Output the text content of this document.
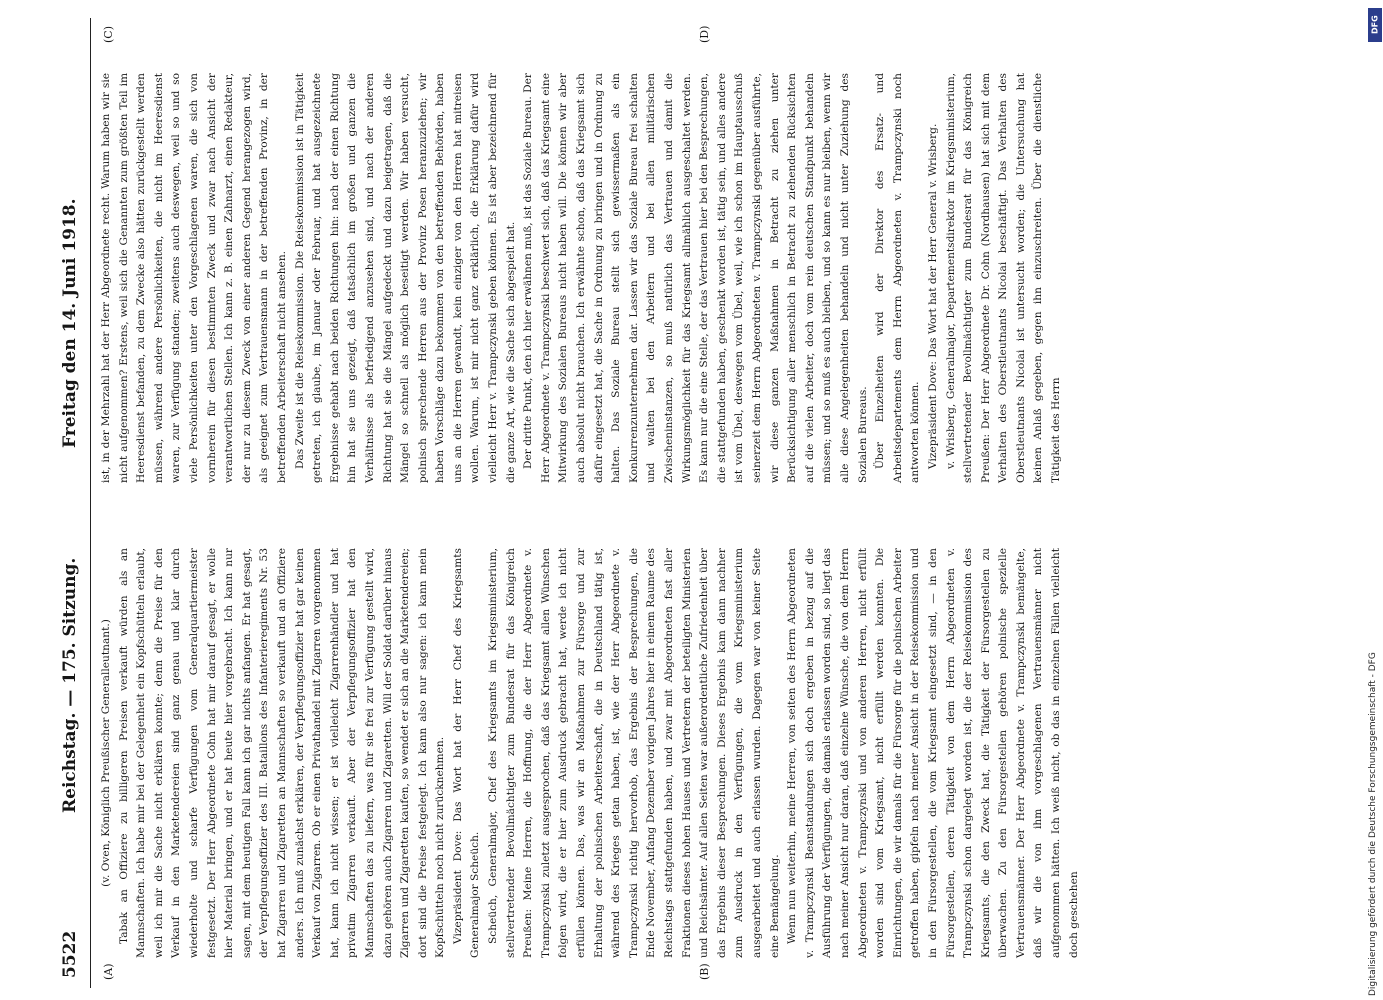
5522
Reichstag. — 175. Sitzung.
Freitag den 14. Juni 1918.
(A)	(B)
(C)	(D)

(v. Oven, Königlich Preußischer Generalleutnant.) Tabak an Offiziere zu billigeren Preisen verkauft würden als an Mannschaften. Ich habe mir bei der Gelegenheit ein Kopfschütteln erlaubt, weil ich mir die Sache nicht erklären konnte; denn die Preise für den Verkauf in den Marketendereien sind ganz genau und klar durch wiederholte und scharfe Verfügungen vom Generalquartiermeister festgesetzt. Der Herr Abgeordnete Cohn hat mir darauf gesagt, er wolle hier Material bringen, und er hat heute hier vorgebracht. Ich kann nur sagen, mit dem heutigen Fall kann ich gar nichts anfangen. Er hat gesagt, der Verpflegungsoffizier des III. Bataillons des Infanterieregiments Nr. 53 hat Zigarren und Zigaretten an Mannschaften so verkauft und an Offiziere anders. Ich muß zunächst erklären, der Verpflegungsoffizier hat gar keinen Verkauf von Zigarren. Ob er einen Privathandel mit Zigarren vorgenommen hat, kann ich nicht wissen; er ist vielleicht Zigarrenhändler und hat privatim Zigarren verkauft. Aber der Verpflegungsoffizier hat den Mannschaften das zu liefern, was für sie frei zur Verfügung gestellt wird, dazu gehören auch Zigarren und Zigaretten. Will der Soldat darüber hinaus Zigarren und Zigaretten kaufen, so wendet er sich an die Marketendereien; dort sind die Preise festgelegt. Ich kann also nur sagen: ich kann mein Kopfschütteln noch nicht zurücknehmen. Vizepräsident Dove: Das Wort hat der Herr Chef des Kriegsamts Generalmajor Scheüch. Scheüch, Generalmajor, Chef des Kriegsamts im Kriegsministerium, stellvertretender Bevollmächtigter zum Bundesrat für das Königreich Preußen: Meine Herren, die Hoffnung, die der Herr Abgeordnete v. Trampczynski zuletzt ausgesprochen, daß das Kriegsamt allen Wünschen folgen wird, die er hier zum Ausdruck gebracht hat, werde ich nicht erfüllen können. Das, was wir an Maßnahmen zur Fürsorge und zur Erhaltung der polnischen Arbeiterschaft, die in Deutschland tätig ist, während des Krieges getan haben, ist, wie der Herr Abgeordnete v. Trampczynski richtig hervorhob, das Ergebnis der Besprechungen, die Ende November, Anfang Dezember vorigen Jahres hier in einem Raume des Reichstags stattgefunden haben, und zwar mit Abgeordneten fast aller Fraktionen dieses hohen Hauses und Vertretern der beteiligten Ministerien und Reichsämter. Auf allen Seiten war außerordentliche Zufriedenheit über das Ergebnis dieser Besprechungen. Dieses Ergebnis kam dann nachher zum Ausdruck in den Verfügungen, die vom Kriegsministerium ausgearbeitet und auch erlassen wurden. Dagegen war von keiner Seite eine Bemängelung. Wenn nun weiterhin, meine Herren, von seiten des Herrn Abgeordneten v. Trampczynski Beanstandungen sich doch ergeben in bezug auf die Ausführung der Verfügungen, die damals erlassen worden sind, so liegt das nach meiner Ansicht nur daran, daß einzelne Wünsche, die von dem Herrn Abgeordneten v. Trampczynski und von anderen Herren, nicht erfüllt worden sind vom Kriegsamt, nicht erfüllt werden konnten. Die Einrichtungen, die wir damals für die Fürsorge für die polnischen Arbeiter getroffen haben, gipfeln nach meiner Ansicht in der Reisekommission und in den Fürsorgestellen, die vom Kriegsamt eingesetzt sind, — in den Fürsorgestellen, deren Tätigkeit von dem Herrn Abgeordneten v. Trampczynski schon dargelegt worden ist, die der Reisekommission des Kriegsamts, die den Zweck hat, die Tätigkeit der Fürsorgestellen zu überwachen. Zu den Fürsorgestellen gehören polnische spezielle Vertrauensmänner. Der Herr Abgeordnete v. Trampczynski bemängelte, daß wir die von ihm vorgeschlagenen Vertrauensmänner nicht aufgenommen hätten. Ich weiß nicht, ob das in einzelnen Fällen vielleicht doch geschehen

ist, in der Mehrzahl hat der Herr Abgeordnete recht. Warum haben wir sie nicht aufgenommen? Erstens, weil sich die Genannten zum größten Teil im Heeresdienst befanden, zu dem Zwecke also hätten zurückgestellt werden müssen, während andere Persönlichkeiten, die nicht im Heeresdienst waren, zur Verfügung standen; zweitens auch deswegen, weil so und so viele Persönlichkeiten unter den Vorgeschlagenen waren, die sich von vornherein für diesen bestimmten Zweck und zwar nach Ansicht der verantwortlichen Stellen. Ich kann z. B. einen Zahnarzt, einen Redakteur, der nur zu diesem Zweck von einer anderen Gegend herangezogen wird, als geeignet zum Vertrauensmann in der betreffenden Provinz, in der betreffenden Arbeiterschaft nicht ansehen. Das Zweite ist die Reisekommission. Die Reisekommission ist in Tätigkeit getreten, ich glaube, im Januar oder Februar, und hat ausgezeichnete Ergebnisse gehabt nach beiden Richtungen hin: nach der einen Richtung hin hat sie uns gezeigt, daß tatsächlich im großen und ganzen die Verhältnisse als befriedigend anzusehen sind, und nach der anderen Richtung hat sie die Mängel aufgedeckt und dazu beigetragen, daß die Mängel so schnell als möglich beseitigt werden. Wir haben versucht, polnisch sprechende Herren aus der Provinz Posen heranzuziehen; wir haben Vorschläge dazu bekommen von den betreffenden Behörden, haben uns an die Herren gewandt, kein einziger von den Herren hat mitreisen wollen. Warum, ist mir nicht ganz erklärlich, die Erklärung dafür wird vielleicht Herr v. Trampczynski geben können. Es ist aber bezeichnend für die ganze Art, wie die Sache sich abgespielt hat. Der dritte Punkt, den ich hier erwähnen muß, ist das Soziale Bureau. Der Herr Abgeordnete v. Trampczynski beschwert sich, daß das Kriegsamt eine Mitwirkung des Sozialen Bureaus nicht haben will. Die können wir aber auch absolut nicht brauchen. Ich erwähnte schon, daß das Kriegsamt sich dafür eingesetzt hat, die Sache in Ordnung zu bringen und in Ordnung zu halten. Das Soziale Bureau stellt sich gewissermaßen als ein Konkurrenzunternehmen dar. Lassen wir das Soziale Bureau frei schalten und walten bei den Arbeitern und bei allen militärischen Zwischeninstanzen, so muß natürlich das Vertrauen und damit die Wirkungsmöglichkeit für das Kriegsamt allmählich ausgeschaltet werden. Es kann nur die eine Stelle, der das Vertrauen hier bei den Besprechungen, die stattgefunden haben, geschenkt worden ist, tätig sein, und alles andere ist vom Übel, deswegen vom Übel, weil, wie ich schon im Hauptausschuß seinerzeit dem Herrn Abgeordneten v. Trampczynski gegenüber ausführte, wir diese ganzen Maßnahmen in Betracht zu ziehen unter Berücksichtigung aller menschlich in Betracht zu ziehenden Rücksichten auf die vielen Arbeiter, doch vom rein deutschen Standpunkt behandeln müssen; und so muß es auch bleiben, und so kann es nur bleiben, wenn wir alle diese Angelegenheiten behandeln und nicht unter Zuziehung des Sozialen Bureaus. Über Einzelheiten wird der Direktor des Ersatz- und Arbeitsdepartements dem Herrn Abgeordneten v. Trampczynski noch antworten können. Vizepräsident Dove: Das Wort hat der Herr General v. Wrisberg. v. Wrisberg, Generalmajor, Departementsdirektor im Kriegsministerium, stellvertretender Bevollmächtigter zum Bundesrat für das Königreich Preußen: Der Herr Abgeordnete Dr. Cohn (Nordhausen) hat sich mit dem Verhalten des Oberstleutnants Nicolai beschäftigt. Das Verhalten des Oberstleutnants Nicolai ist untersucht worden; die Untersuchung hat keinen Anlaß gegeben, gegen ihn einzuschreiten. Über die dienstliche Tätigkeit des Herrn

DFG
Digitalisierung gefördert durch die Deutsche Forschungsgemeinschaft - DFG
